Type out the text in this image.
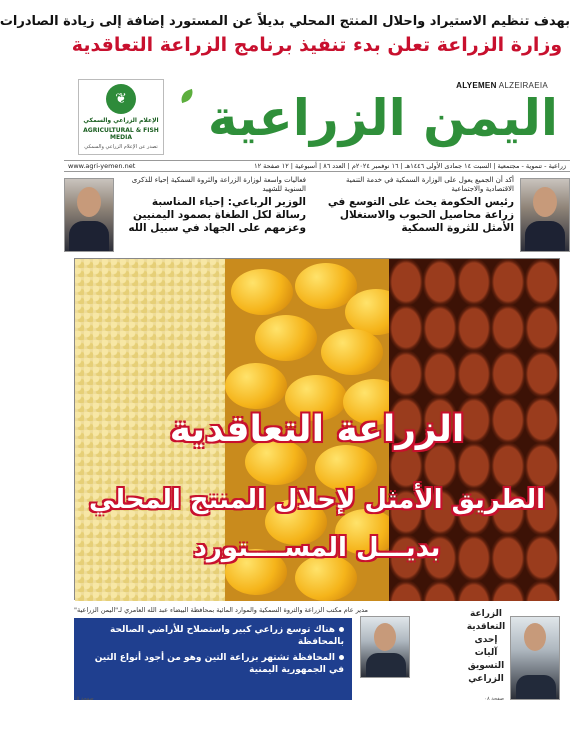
بهدف تنظيم الاستيراد واحلال المنتج المحلي بديلاً عن المستورد إضافة إلى زيادة الصادرات
وزارة الزراعة تعلن بدء تنفيذ برنامج الزراعة التعاقدية
❦
الإعلام الزراعي والسمكي
AGRICULTURAL & FISH MEDIA
تصدر عن الإعلام الزراعي والسمكي
ALYEMEN ALZEIRAEIA
اليمن الزراعية
زراعية - تنموية - مجتمعية | السبت ١٤ جمادى الأولى ١٤٤٦هـ | ١٦ نوفمبر ٢٠٢٤م | العدد ٨٦ | أسبوعية | ١٢ صفحة ١٢
www.agri-yemen.net
أكد أن الجميع يعول على الوزارة السمكية في خدمة التنمية الاقتصادية والاجتماعية
رئيس الحكومة يحث على التوسع في زراعة محاصيل الحبوب والاستغلال الأمثل للثروة السمكية
فعاليات واسعة لوزارة الزراعة والثروة السمكية إحياء للذكرى السنوية للشهيد
الوزير الرباعي: إحياء المناسبة رسالة لكل الطغاة بصمود اليمنيين وعزمهم على الجهاد في سبيل الله
الزراعة التعاقدية
الطريق الأمثل لإحلال المنتج المحلي
بديـــل المســــتورد
مدير عام مكتب الزراعة والثروة السمكية والموارد المائية بمحافظة البيضاء عبد الله العامري لـ"اليمن الزراعية"
هناك توسع زراعي كبير واستصلاح للأراضي الصالحة بالمحافظة
المحافظة تشتهر بزراعة التين وهو من أجود أنواع التين في الجمهورية اليمنية
الزراعة التعاقدية إحدى آليات التسويق الزراعي
صفحة ٠٥	صفحة ٠٨
